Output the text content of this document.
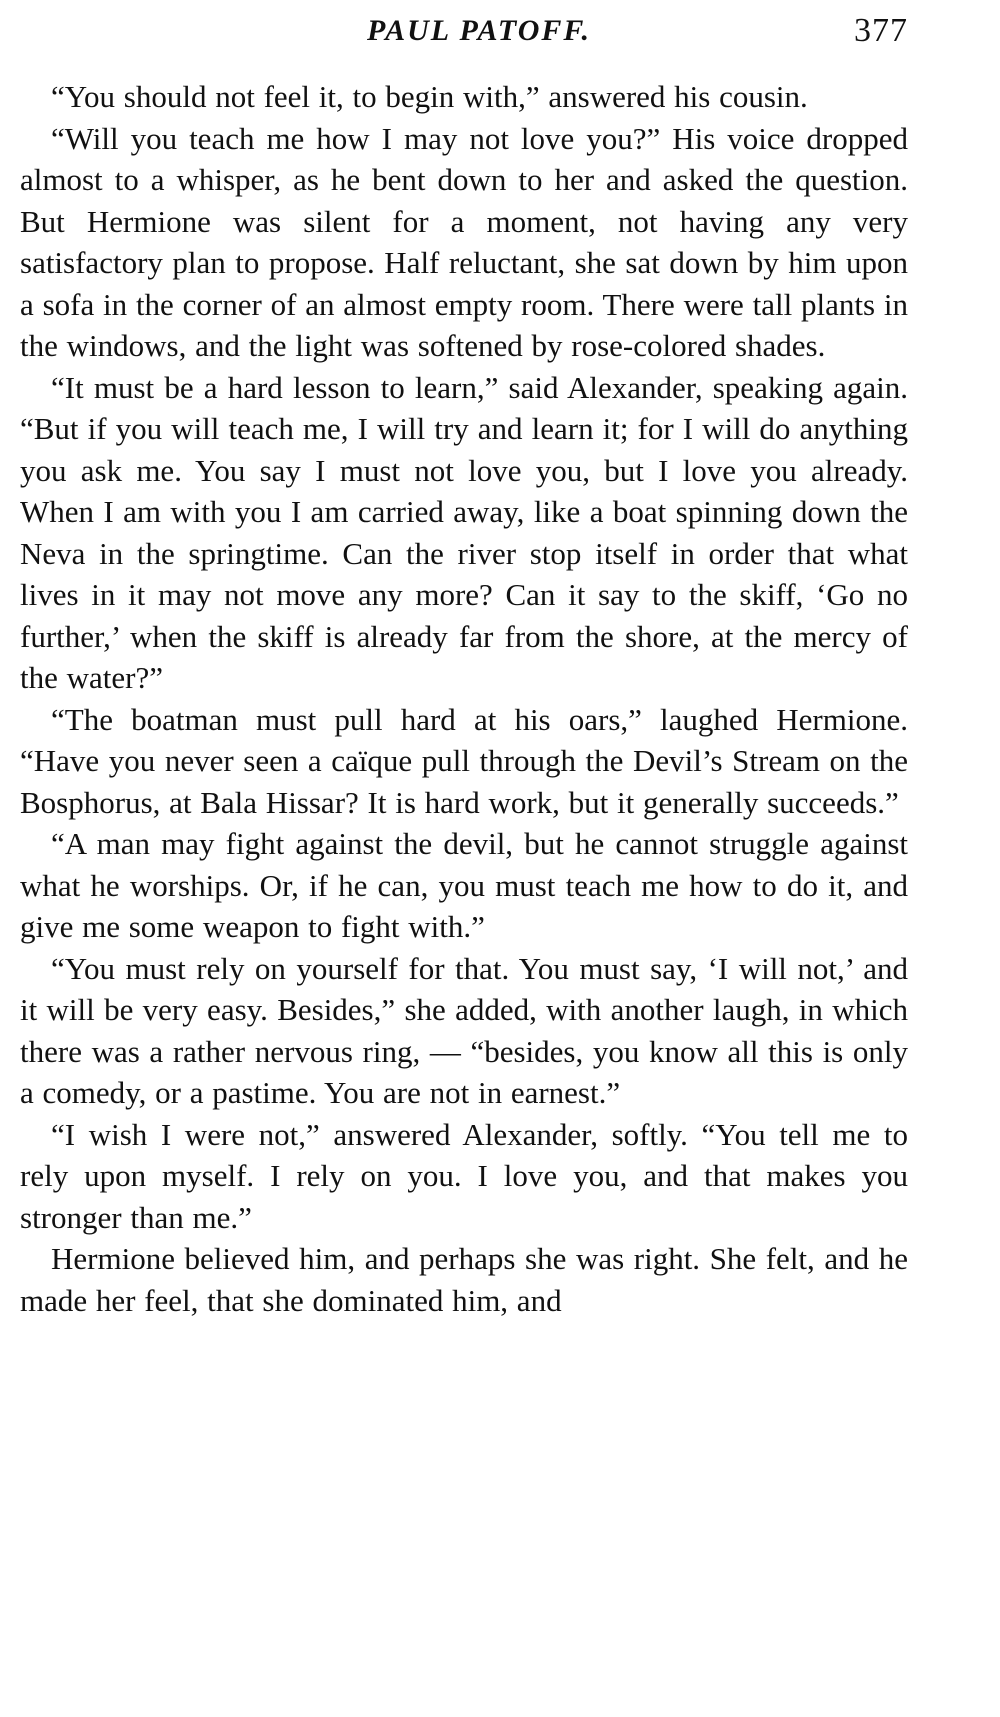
PAUL PATOFF.	377

“You should not feel it, to begin with,” answered his cousin.

“Will you teach me how I may not love you?” His voice dropped almost to a whisper, as he bent down to her and asked the question. But Hermione was silent for a moment, not having any very satisfactory plan to propose. Half reluctant, she sat down by him upon a sofa in the corner of an almost empty room. There were tall plants in the windows, and the light was softened by rose-colored shades.

“It must be a hard lesson to learn,” said Alexander, speaking again. “But if you will teach me, I will try and learn it; for I will do anything you ask me. You say I must not love you, but I love you already. When I am with you I am carried away, like a boat spinning down the Neva in the springtime. Can the river stop itself in order that what lives in it may not move any more? Can it say to the skiff, ‘Go no further,’ when the skiff is already far from the shore, at the mercy of the water?”

“The boatman must pull hard at his oars,” laughed Hermione. “Have you never seen a caïque pull through the Devil’s Stream on the Bosphorus, at Bala Hissar? It is hard work, but it generally succeeds.”

“A man may fight against the devil, but he cannot struggle against what he worships. Or, if he can, you must teach me how to do it, and give me some weapon to fight with.”

“You must rely on yourself for that. You must say, ‘I will not,’ and it will be very easy. Besides,” she added, with another laugh, in which there was a rather nervous ring, — “besides, you know all this is only a comedy, or a pastime. You are not in earnest.”

“I wish I were not,” answered Alexander, softly. “You tell me to rely upon myself. I rely on you. I love you, and that makes you stronger than me.”

Hermione believed him, and perhaps she was right. She felt, and he made her feel, that she dominated him, and
